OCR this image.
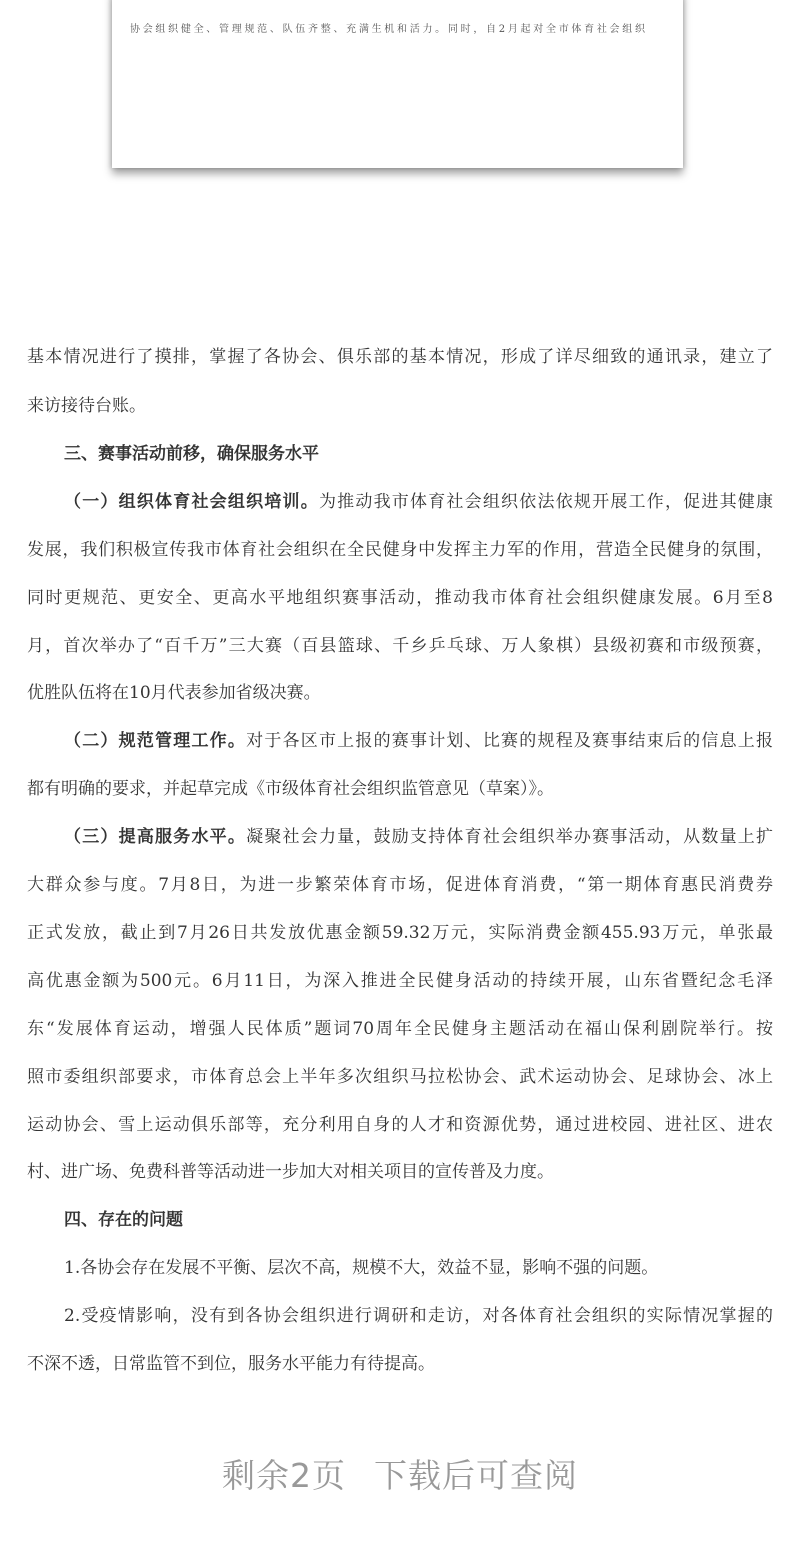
协会组织健全、管理规范、队伍齐整、充满生机和活力。同时，自2月起对全市体育社会组织
基本情况进行了摸排，掌握了各协会、俱乐部的基本情况，形成了详尽细致的通讯录，建立了
来访接待台账。
三、赛事活动前移，确保服务水平
（一）组织体育社会组织培训。为推动我市体育社会组织依法依规开展工作，促进其健康
发展，我们积极宣传我市体育社会组织在全民健身中发挥主力军的作用，营造全民健身的氛围，
同时更规范、更安全、更高水平地组织赛事活动，推动我市体育社会组织健康发展。6月至8
月，首次举办了“百千万”三大赛（百县篮球、千乡乒乓球、万人象棋）县级初赛和市级预赛，
优胜队伍将在10月代表参加省级决赛。
（二）规范管理工作。对于各区市上报的赛事计划、比赛的规程及赛事结束后的信息上报
都有明确的要求，并起草完成《市级体育社会组织监管意见（草案）》。
（三）提高服务水平。凝聚社会力量，鼓励支持体育社会组织举办赛事活动，从数量上扩
大群众参与度。7月8日，为进一步繁荣体育市场，促进体育消费，“第一期体育惠民消费券
正式发放，截止到7月26日共发放优惠金额59.32万元，实际消费金额455.93万元，单张最
高优惠金额为500元。6月11日，为深入推进全民健身活动的持续开展，山东省暨纪念毛泽
东“发展体育运动，增强人民体质”题词70周年全民健身主题活动在福山保利剧院举行。按
照市委组织部要求，市体育总会上半年多次组织马拉松协会、武术运动协会、足球协会、冰上
运动协会、雪上运动俱乐部等，充分利用自身的人才和资源优势，通过进校园、进社区、进农
村、进广场、免费科普等活动进一步加大对相关项目的宣传普及力度。
四、存在的问题
1.各协会存在发展不平衡、层次不高，规模不大，效益不显，影响不强的问题。
2.受疫情影响，没有到各协会组织进行调研和走访，对各体育社会组织的实际情况掌握的
不深不透，日常监管不到位，服务水平能力有待提高。
剩余2页 下载后可查阅
